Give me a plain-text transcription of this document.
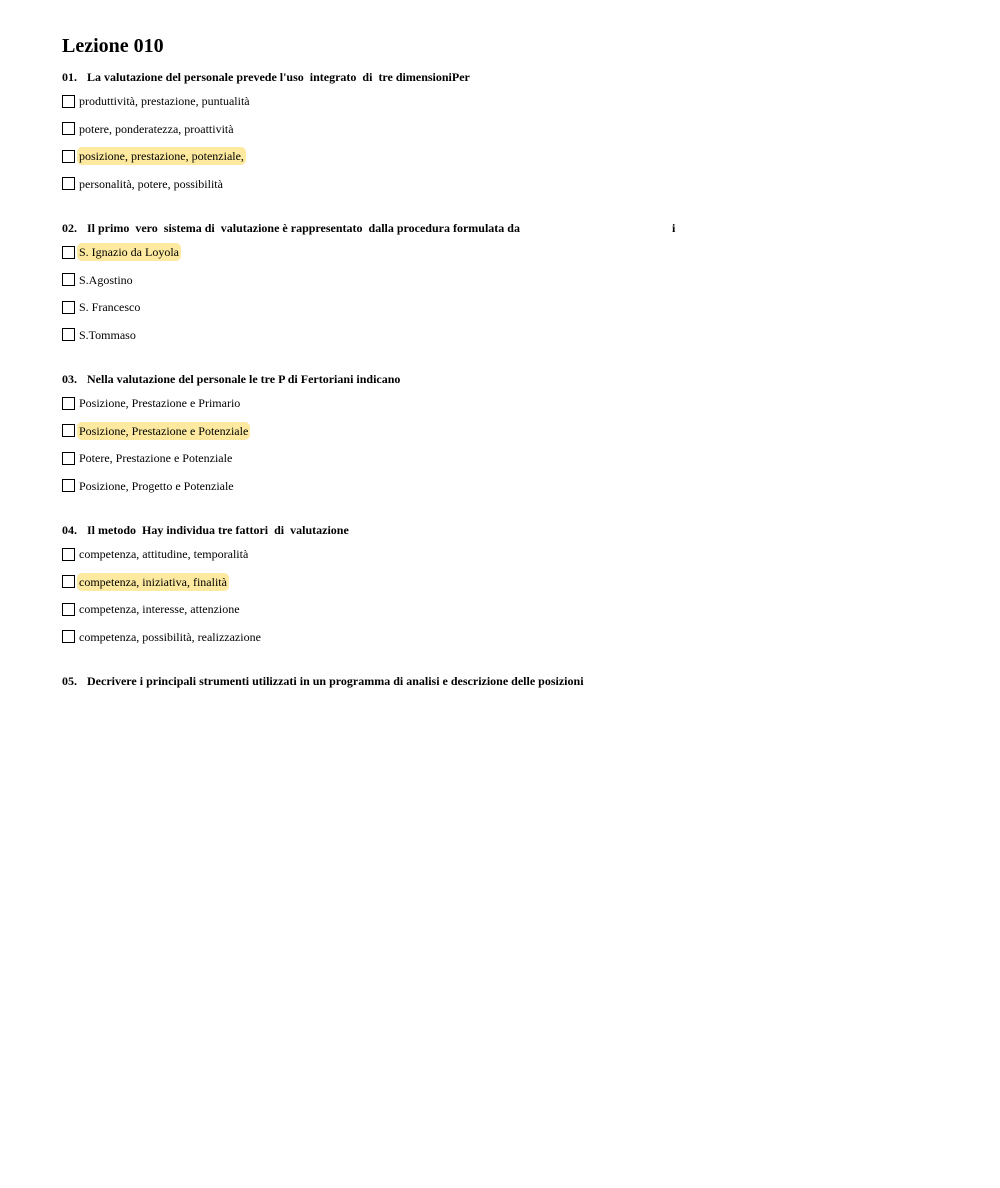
Lezione 010
01. La valutazione del personale prevede l'uso  integrato  di  tre dimensioniPer
produttività, prestazione, puntualità
potere, ponderatezza, proattività
posizione, prestazione, potenziale,
personalità, potere, possibilità
02. Il primo  vero  sistema di  valutazione è rappresentato  dalla procedura formulata da	i
S. Ignazio da Loyola
S.Agostino
S. Francesco
S.Tommaso
03. Nella valutazione del personale le tre P di Fertoriani indicano
Posizione, Prestazione e Primario
Posizione, Prestazione e Potenziale
Potere, Prestazione e Potenziale
Posizione, Progetto e Potenziale
04. Il metodo  Hay individua tre fattori  di  valutazione
competenza, attitudine, temporalità
competenza, iniziativa, finalità
competenza, interesse, attenzione
competenza, possibilità, realizzazione
05. Decrivere i principali strumenti utilizzati in un programma di analisi e descrizione delle posizioni
